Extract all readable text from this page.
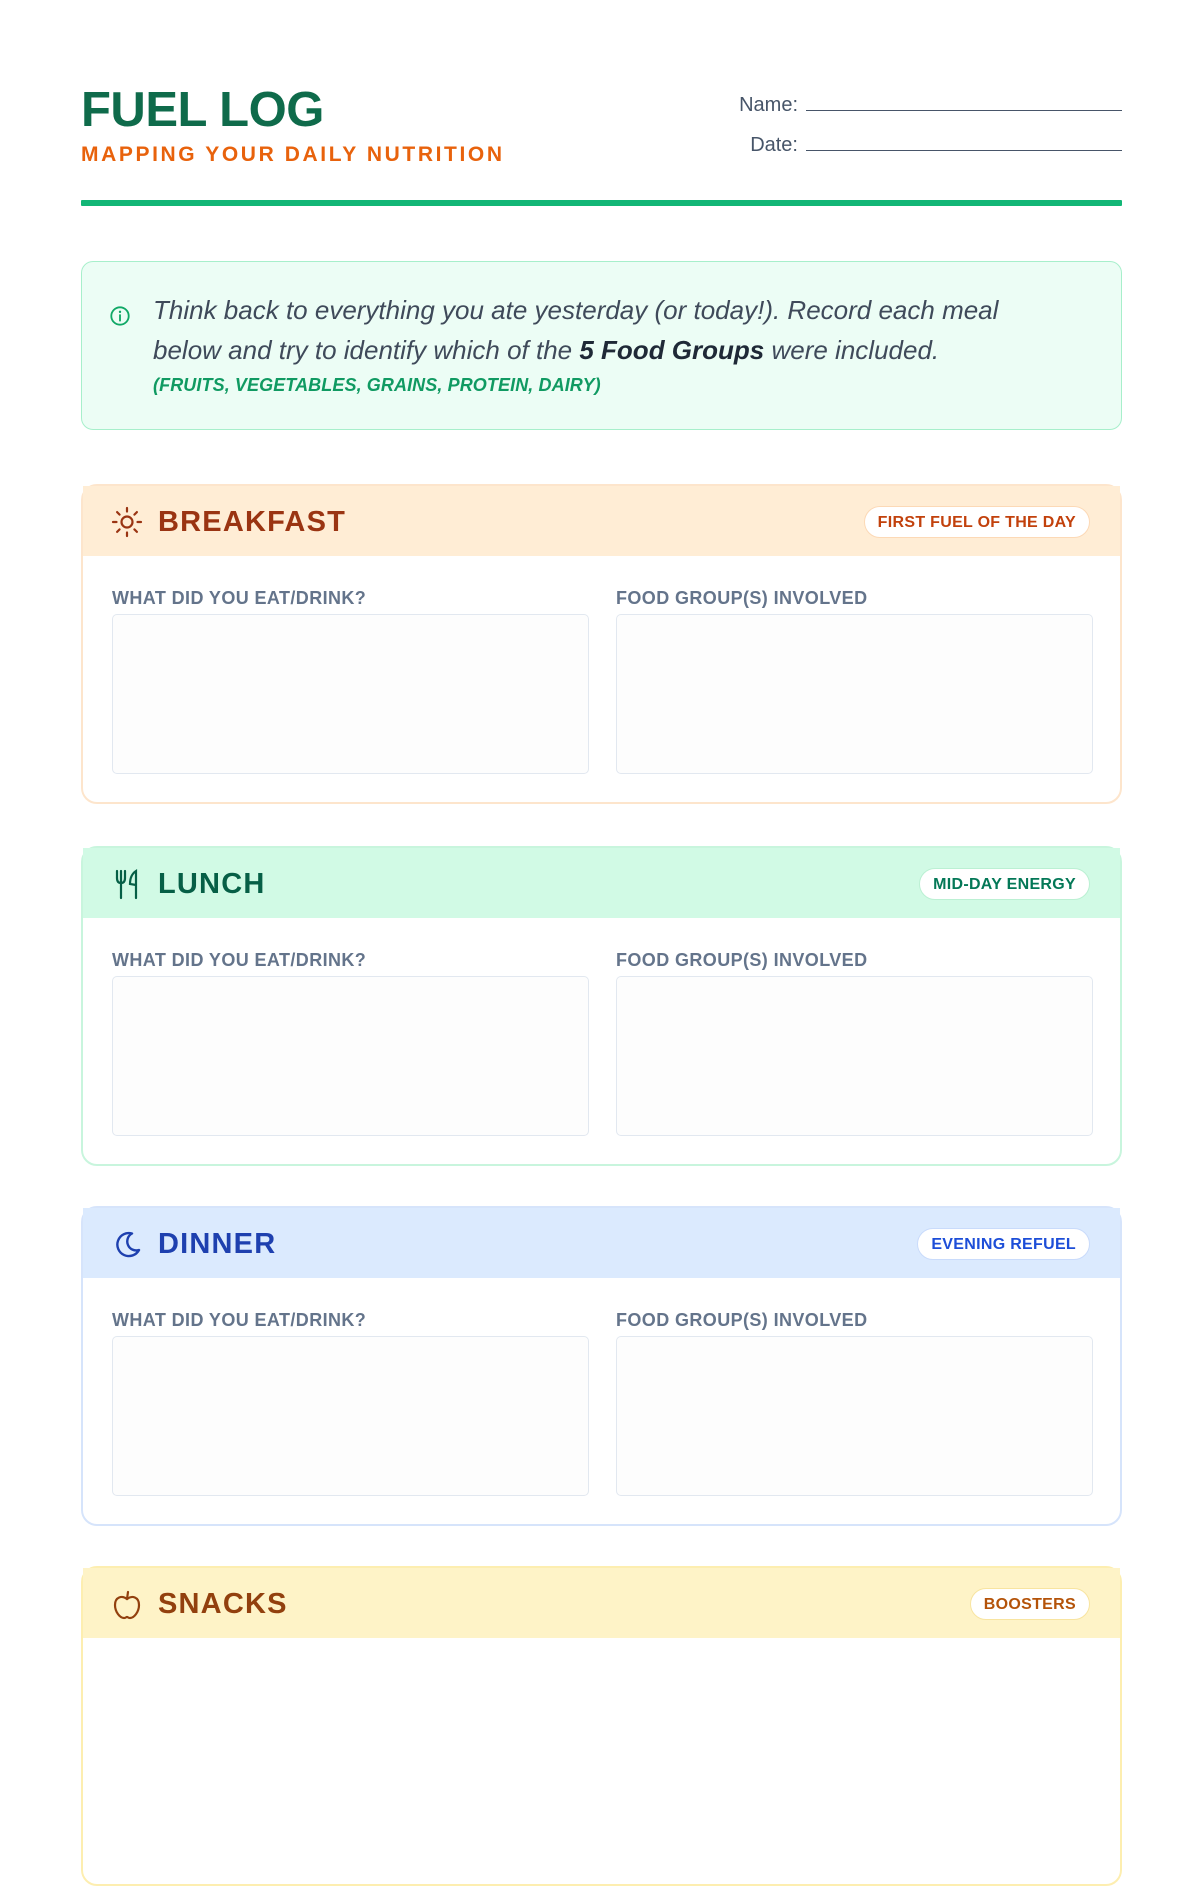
FUEL LOG
MAPPING YOUR DAILY NUTRITION
Name:
Date:
Think back to everything you ate yesterday (or today!). Record each meal below and try to identify which of the 5 Food Groups were included.
(FRUITS, VEGETABLES, GRAINS, PROTEIN, DAIRY)
BREAKFAST	FIRST FUEL OF THE DAY
WHAT DID YOU EAT/DRINK?	FOOD GROUP(S) INVOLVED
LUNCH	MID-DAY ENERGY
WHAT DID YOU EAT/DRINK?	FOOD GROUP(S) INVOLVED
DINNER	EVENING REFUEL
WHAT DID YOU EAT/DRINK?	FOOD GROUP(S) INVOLVED
SNACKS	BOOSTERS
